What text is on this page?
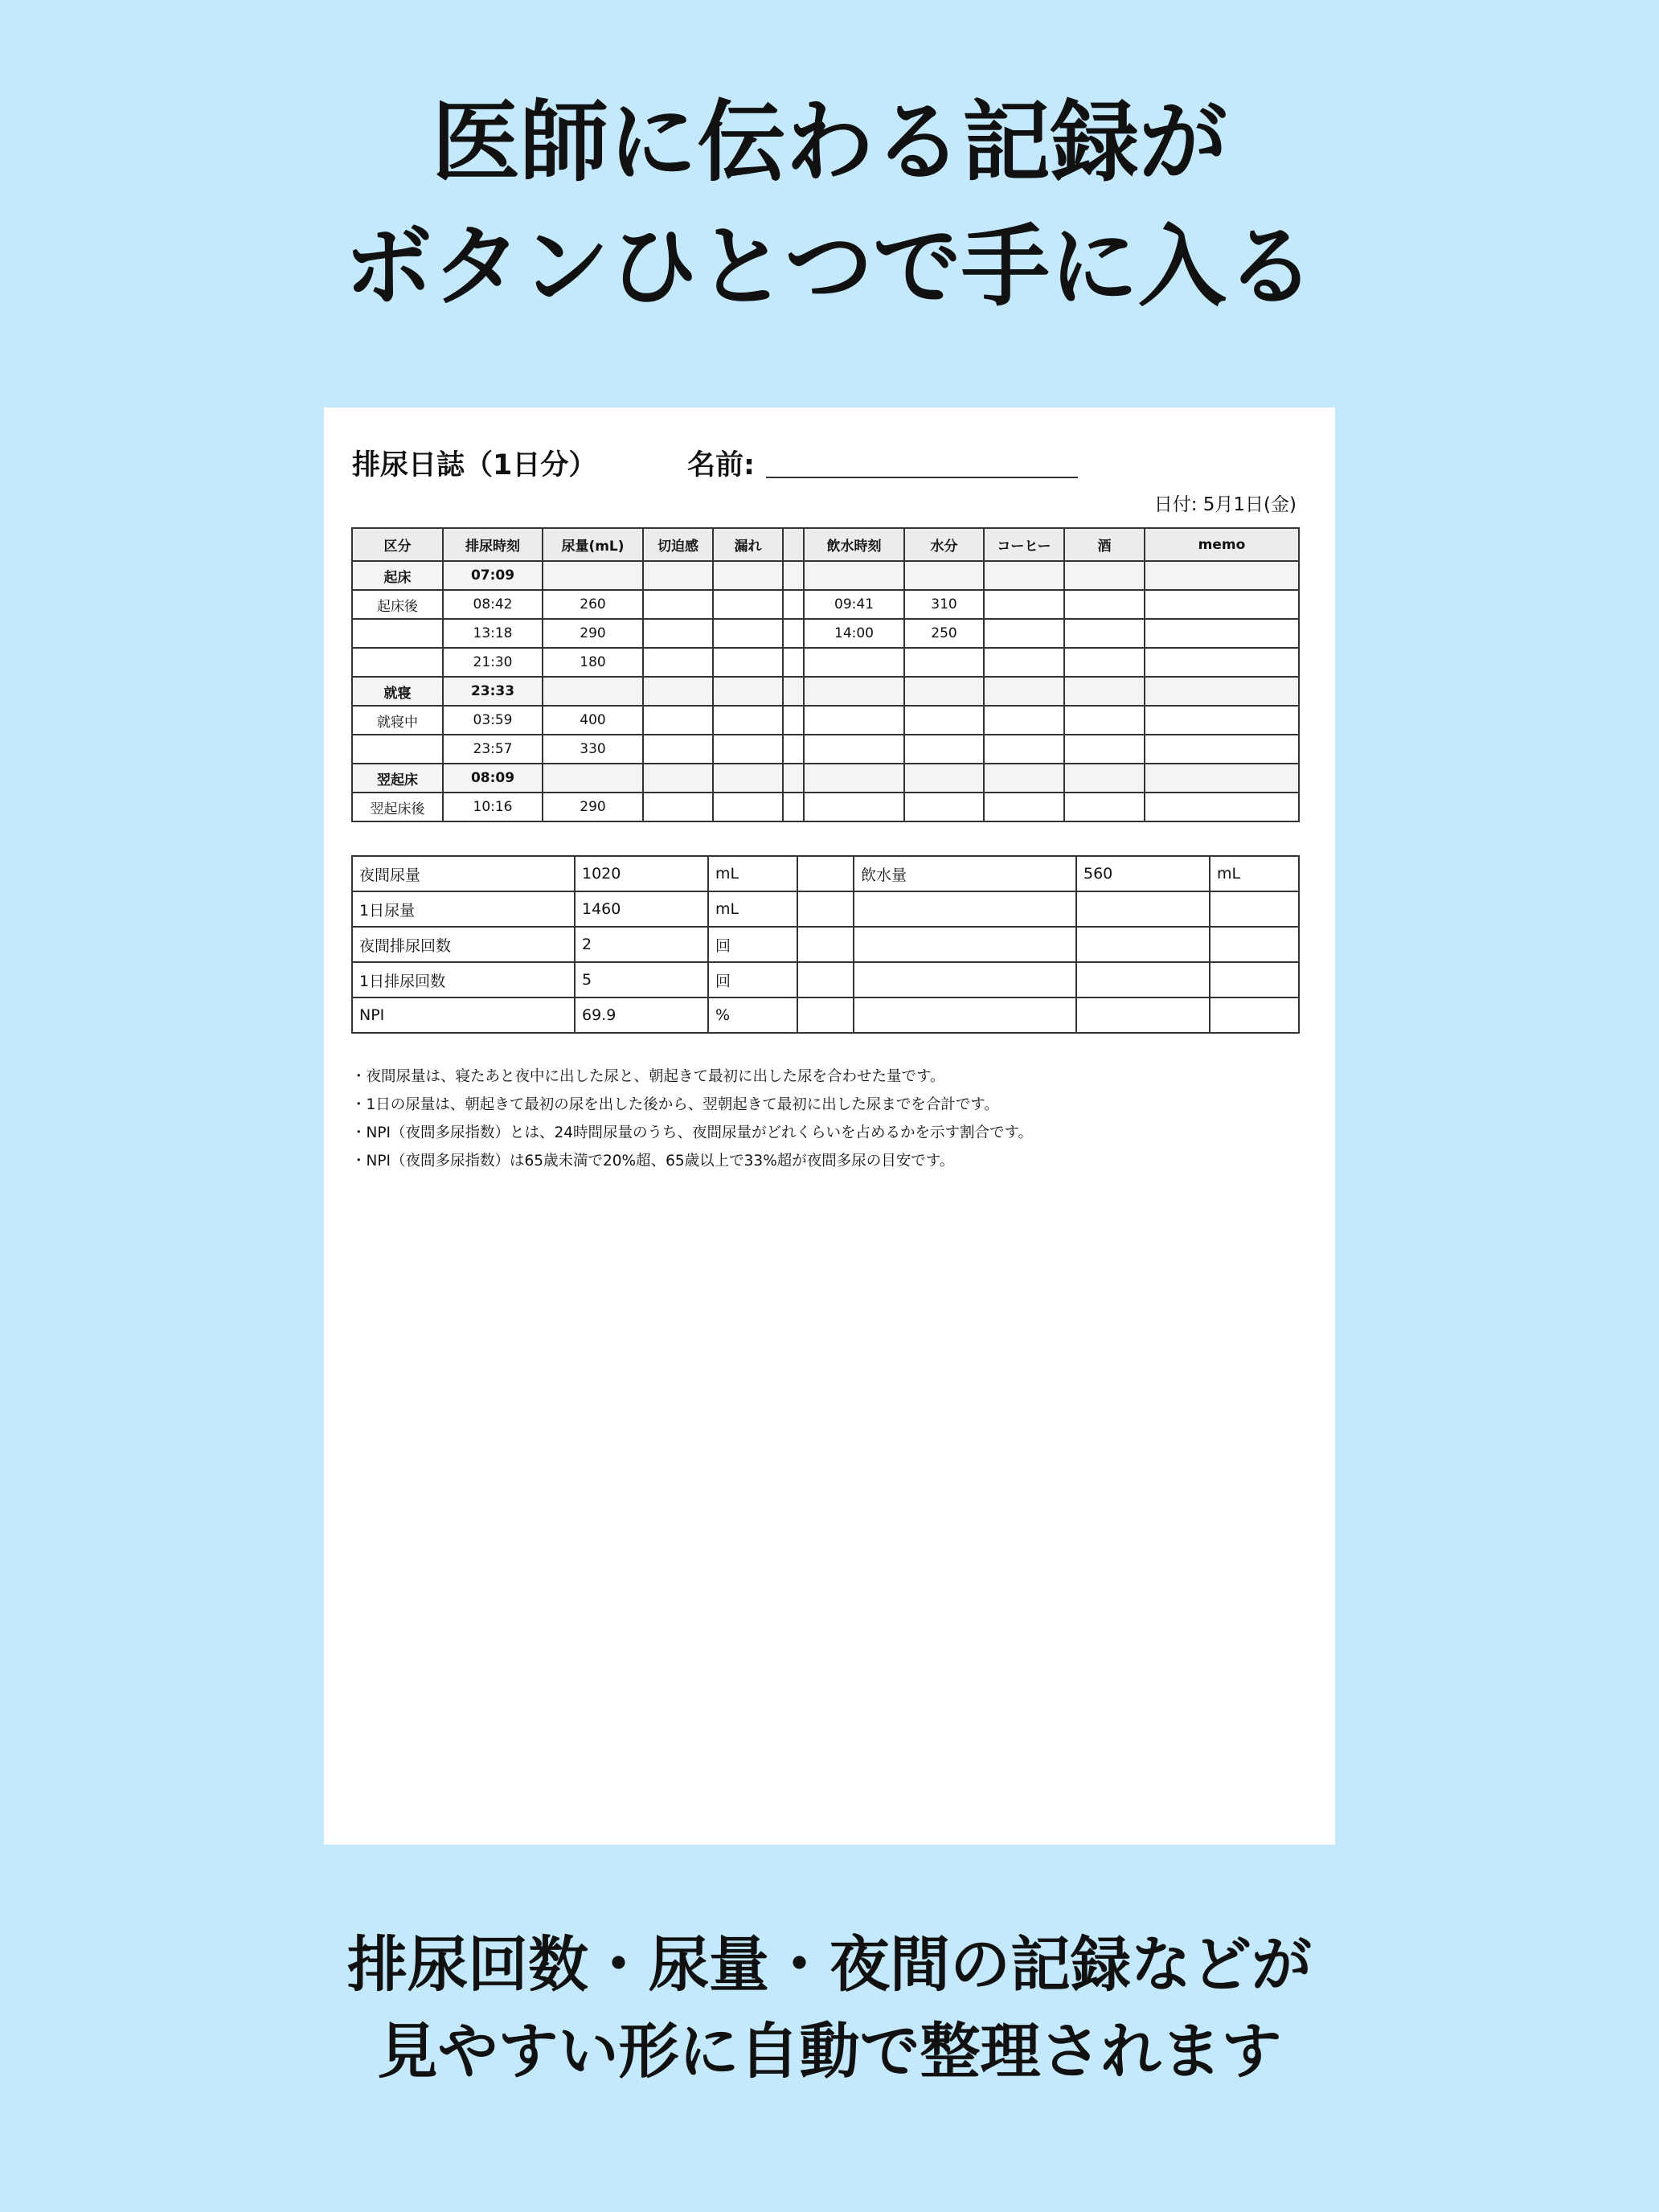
医師に伝わる記録が
ボタンひとつで手に入る
排尿日誌（1日分）	名前:
日付: 5月1日(金)
区分	排尿時刻	尿量(mL)	切迫感	漏れ		飲水時刻	水分	コーヒー	酒	memo
起床	07:09									
起床後	08:42	260				09:41	310			
	13:18	290				14:00	250			
	21:30	180								
就寝	23:33									
就寝中	03:59	400								
	23:57	330								
翌起床	08:09									
翌起床後	10:16	290								
夜間尿量	1020	mL		飲水量	560	mL
1日尿量	1460	mL				
夜間排尿回数	2	回				
1日排尿回数	5	回				
NPI	69.9	%				
・夜間尿量は、寝たあと夜中に出した尿と、朝起きて最初に出した尿を合わせた量です。
・1日の尿量は、朝起きて最初の尿を出した後から、翌朝起きて最初に出した尿までを合計です。
・NPI（夜間多尿指数）とは、24時間尿量のうち、夜間尿量がどれくらいを占めるかを示す割合です。
・NPI（夜間多尿指数）は65歳未満で20%超、65歳以上で33%超が夜間多尿の目安です。
排尿回数・尿量・夜間の記録などが
見やすい形に自動で整理されます
